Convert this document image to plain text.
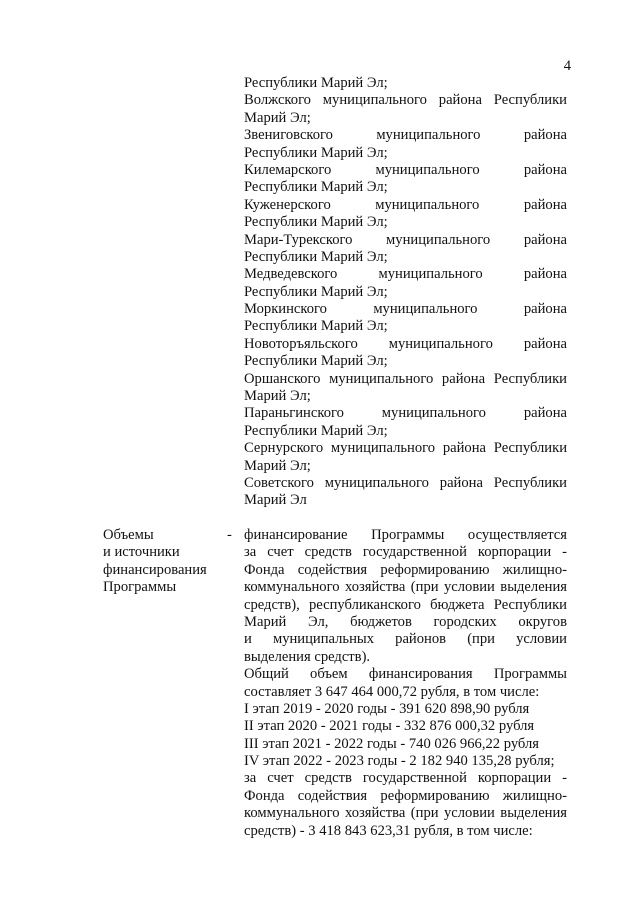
4
Республики Марий Эл;
Волжского муниципального района Республики
Марий Эл;
Звениговского муниципального района
Республики Марий Эл;
Килемарского муниципального района
Республики Марий Эл;
Куженерского муниципального района
Республики Марий Эл;
Мари-Турекского муниципального района
Республики Марий Эл;
Медведевского муниципального района
Республики Марий Эл;
Моркинского муниципального района
Республики Марий Эл;
Новоторъяльского муниципального района
Республики Марий Эл;
Оршанского муниципального района Республики
Марий Эл;
Параньгинского муниципального района
Республики Марий Эл;
Сернурского муниципального района Республики
Марий Эл;
Советского муниципального района Республики
Марий Эл
Объемы
и источники
финансирования
Программы
- финансирование Программы осуществляется
за счет средств государственной корпорации -
Фонда содействия реформированию жилищно-
коммунального хозяйства (при условии выделения
средств), республиканского бюджета Республики
Марий Эл, бюджетов городских округов
и муниципальных районов (при условии
выделения средств).
Общий объем финансирования Программы
составляет 3 647 464 000,72 рубля, в том числе:
I этап 2019 - 2020 годы - 391 620 898,90 рубля
II этап 2020 - 2021 годы - 332 876 000,32 рубля
III этап 2021 - 2022 годы - 740 026 966,22 рубля
IV этап 2022 - 2023 годы - 2 182 940 135,28 рубля;
за счет средств государственной корпорации -
Фонда содействия реформированию жилищно-
коммунального хозяйства (при условии выделения
средств) - 3 418 843 623,31 рубля, в том числе:
